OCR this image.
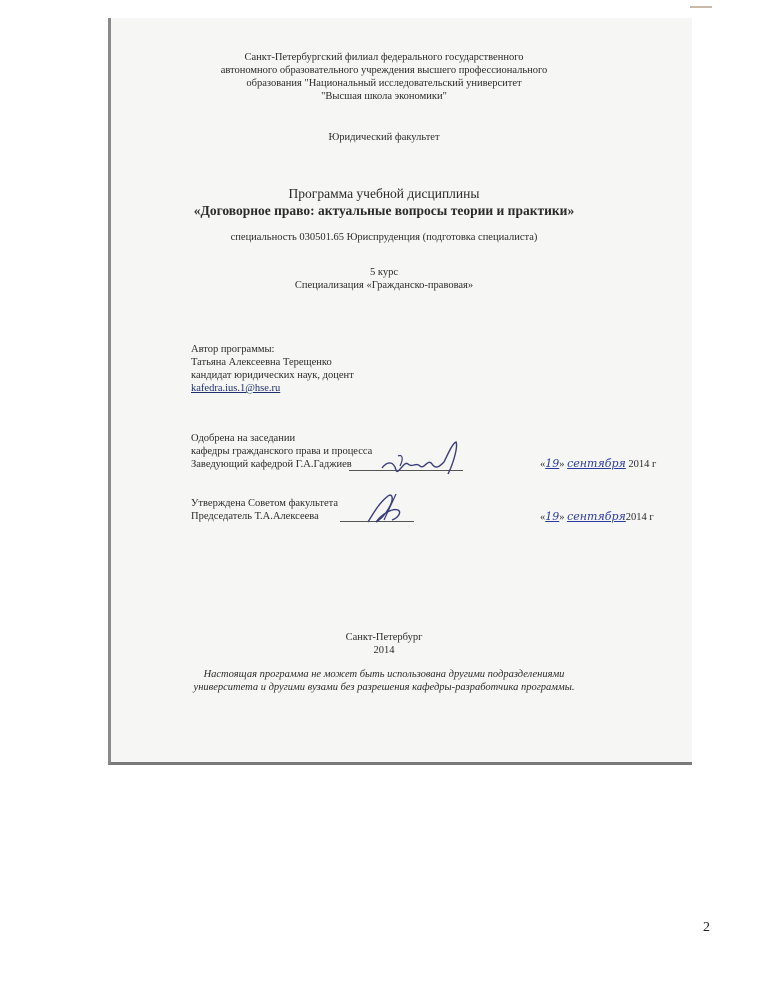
Санкт-Петербургский филиал федерального государственного
автономного образовательного учреждения высшего профессионального
образования "Национальный исследовательский университет
"Высшая школа экономики"
Юридический факультет
Программа учебной дисциплины
«Договорное право: актуальные вопросы теории и практики»
специальность 030501.65 Юриспруденция (подготовка специалиста)
5 курс
Специализация «Гражданско-правовая»
Автор программы:
Татьяна Алексеевна Терещенко
кандидат юридических наук, доцент
kafedra.ius.1@hse.ru
Одобрена на заседании
кафедры гражданского права и процесса
Заведующий кафедрой Г.А.Гаджиев	«19» сентября 2014 г
Утверждена Советом факультета
Председатель Т.А.Алексеева	«19» сентября2014 г
Санкт-Петербург
2014
Настоящая программа не может быть использована другими подразделениями
университета и другими вузами без разрешения кафедры-разработчика программы.
2
